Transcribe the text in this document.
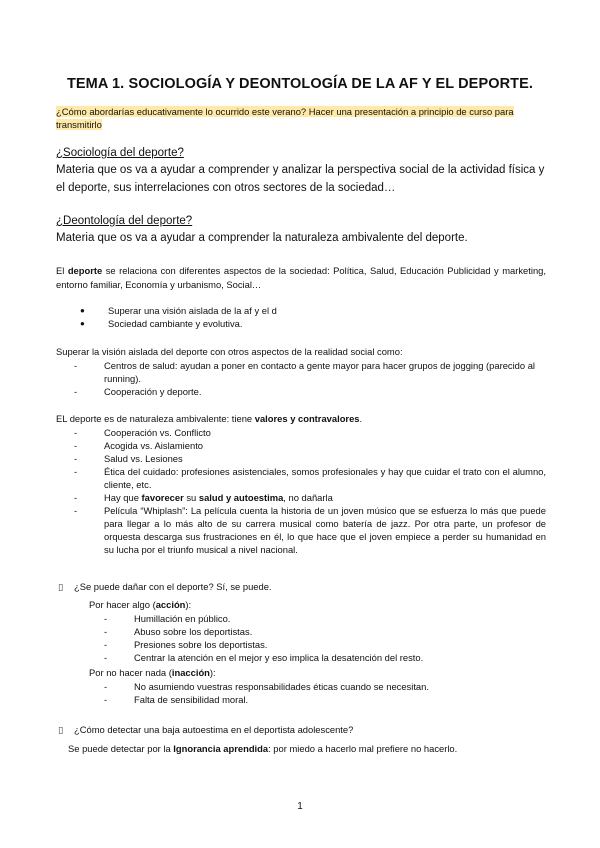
TEMA 1. SOCIOLOGÍA Y DEONTOLOGÍA DE LA AF Y EL DEPORTE.
¿Cómo abordarías educativamente lo ocurrido este verano? Hacer una presentación a principio de curso para transmitirlo
¿Sociología del deporte?
Materia que os va a ayudar a comprender y analizar la perspectiva social de la actividad física y el deporte, sus interrelaciones con otros sectores de la sociedad…
¿Deontología del deporte?
Materia que os va a ayudar a comprender la naturaleza ambivalente del deporte.
El deporte se relaciona con diferentes aspectos de la sociedad: Política, Salud, Educación Publicidad y marketing, entorno familiar, Economía y urbanismo, Social…
● Superar una visión aislada de la af y el d
● Sociedad cambiante y evolutiva.
Superar la visión aislada del deporte con otros aspectos de la realidad social como:
-	Centros de salud: ayudan a poner en contacto a gente mayor para hacer grupos de jogging (parecido al running).
-	Cooperación y deporte.
EL deporte es de naturaleza ambivalente: tiene valores y contravalores.
-	Cooperación vs. Conflicto
-	Acogida vs. Aislamiento
-	Salud vs. Lesiones
-	Ética del cuidado: profesiones asistenciales, somos profesionales y hay que cuidar el trato con el alumno, cliente, etc.
-	Hay que favorecer su salud y autoestima, no dañarla
-	Película “Whiplash”: La película cuenta la historia de un joven músico que se esfuerza lo más que puede para llegar a lo más alto de su carrera musical como batería de jazz. Por otra parte, un profesor de orquesta descarga sus frustraciones en él, lo que hace que el joven empiece a perder su humanidad en su lucha por el triunfo musical a nivel nacional.
▯ ¿Se puede dañar con el deporte? Sí, se puede.
Por hacer algo (acción):
-	Humillación en público.
-	Abuso sobre los deportistas.
-	Presiones sobre los deportistas.
-	Centrar la atención en el mejor y eso implica la desatención del resto.
Por no hacer nada (inacción):
-	No asumiendo vuestras responsabilidades éticas cuando se necesitan.
-	Falta de sensibilidad moral.
▯ ¿Cómo detectar una baja autoestima en el deportista adolescente?
Se puede detectar por la Ignorancia aprendida: por miedo a hacerlo mal prefiere no hacerlo.
1
